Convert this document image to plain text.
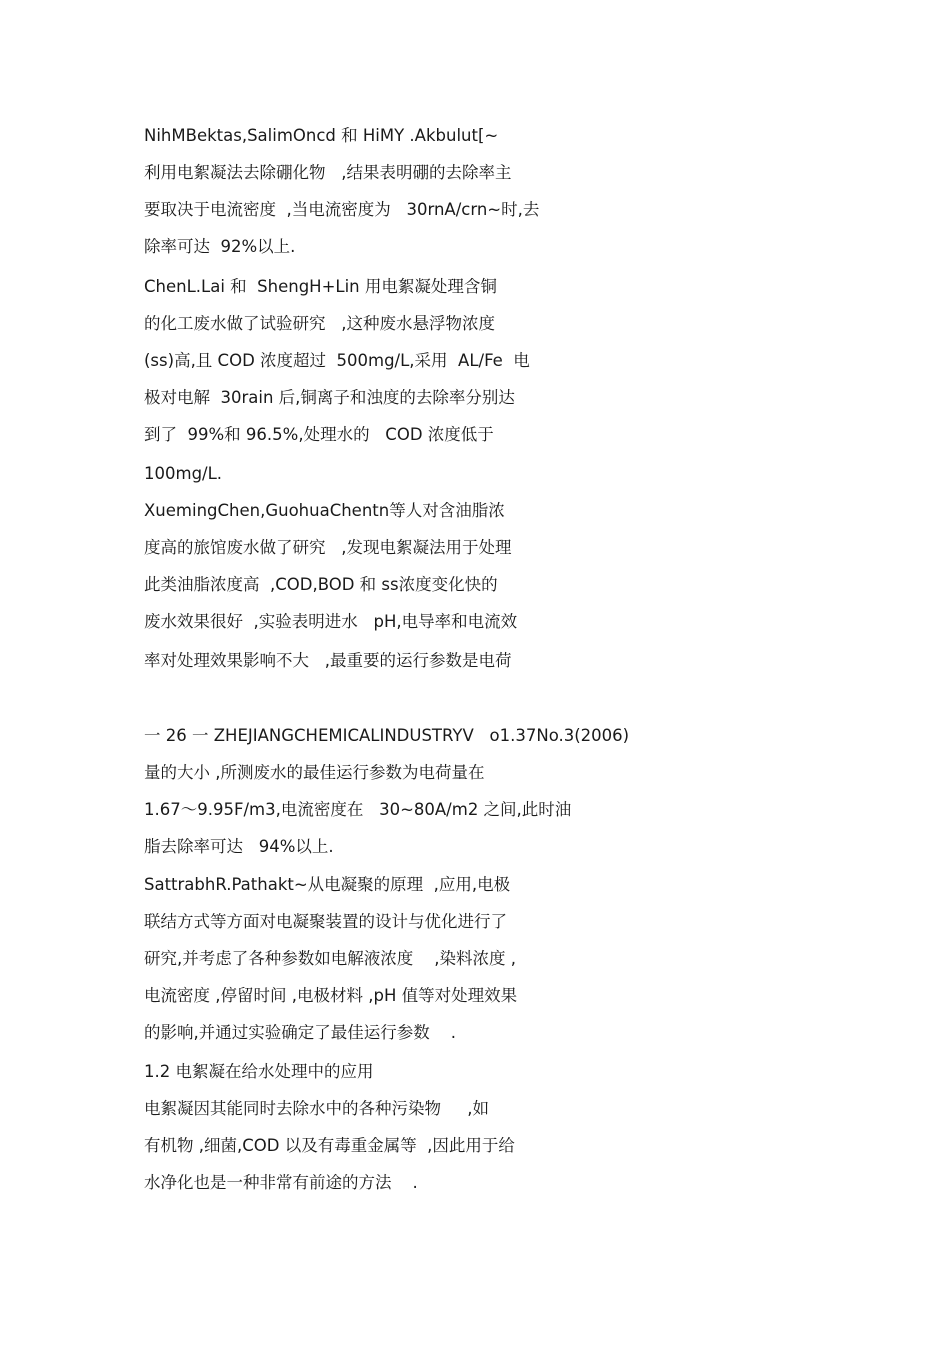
NihMBektas,SalimOncd 和 HiMY .Akbulut[~
利用电絮凝法去除硼化物   ,结果表明硼的去除率主
要取决于电流密度  ,当电流密度为   30rnA/crn~时,去
除率可达  92%以上.
ChenL.Lai 和  ShengH+Lin 用电絮凝处理含铜
的化工废水做了试验研究   ,这种废水悬浮物浓度
(ss)高,且 COD 浓度超过  500mg/L,采用  AL/Fe  电
极对电解  30rain 后,铜离子和浊度的去除率分别达
到了  99%和 96.5%,处理水的   COD 浓度低于
100mg/L.
XuemingChen,GuohuaChentn等人对含油脂浓
度高的旅馆废水做了研究   ,发现电絮凝法用于处理
此类油脂浓度高  ,COD,BOD 和 ss浓度变化快的
废水效果很好  ,实验表明进水   pH,电导率和电流效
率对处理效果影响不大   ,最重要的运行参数是电荷
一 26 一 ZHEJIANGCHEMICALINDUSTRYV   o1.37No.3(2006)
量的大小 ,所测废水的最佳运行参数为电荷量在
1.67～9.95F/m3,电流密度在   30~80A/m2 之间,此时油
脂去除率可达   94%以上.
SattrabhR.Pathakt~从电凝聚的原理  ,应用,电极
联结方式等方面对电凝聚装置的设计与优化进行了
研究,并考虑了各种参数如电解液浓度    ,染料浓度 ,
电流密度 ,停留时间 ,电极材料 ,pH 值等对处理效果
的影响,并通过实验确定了最佳运行参数    .
1.2 电絮凝在给水处理中的应用
电絮凝因其能同时去除水中的各种污染物     ,如
有机物 ,细菌,COD 以及有毒重金属等  ,因此用于给
水净化也是一种非常有前途的方法    .
